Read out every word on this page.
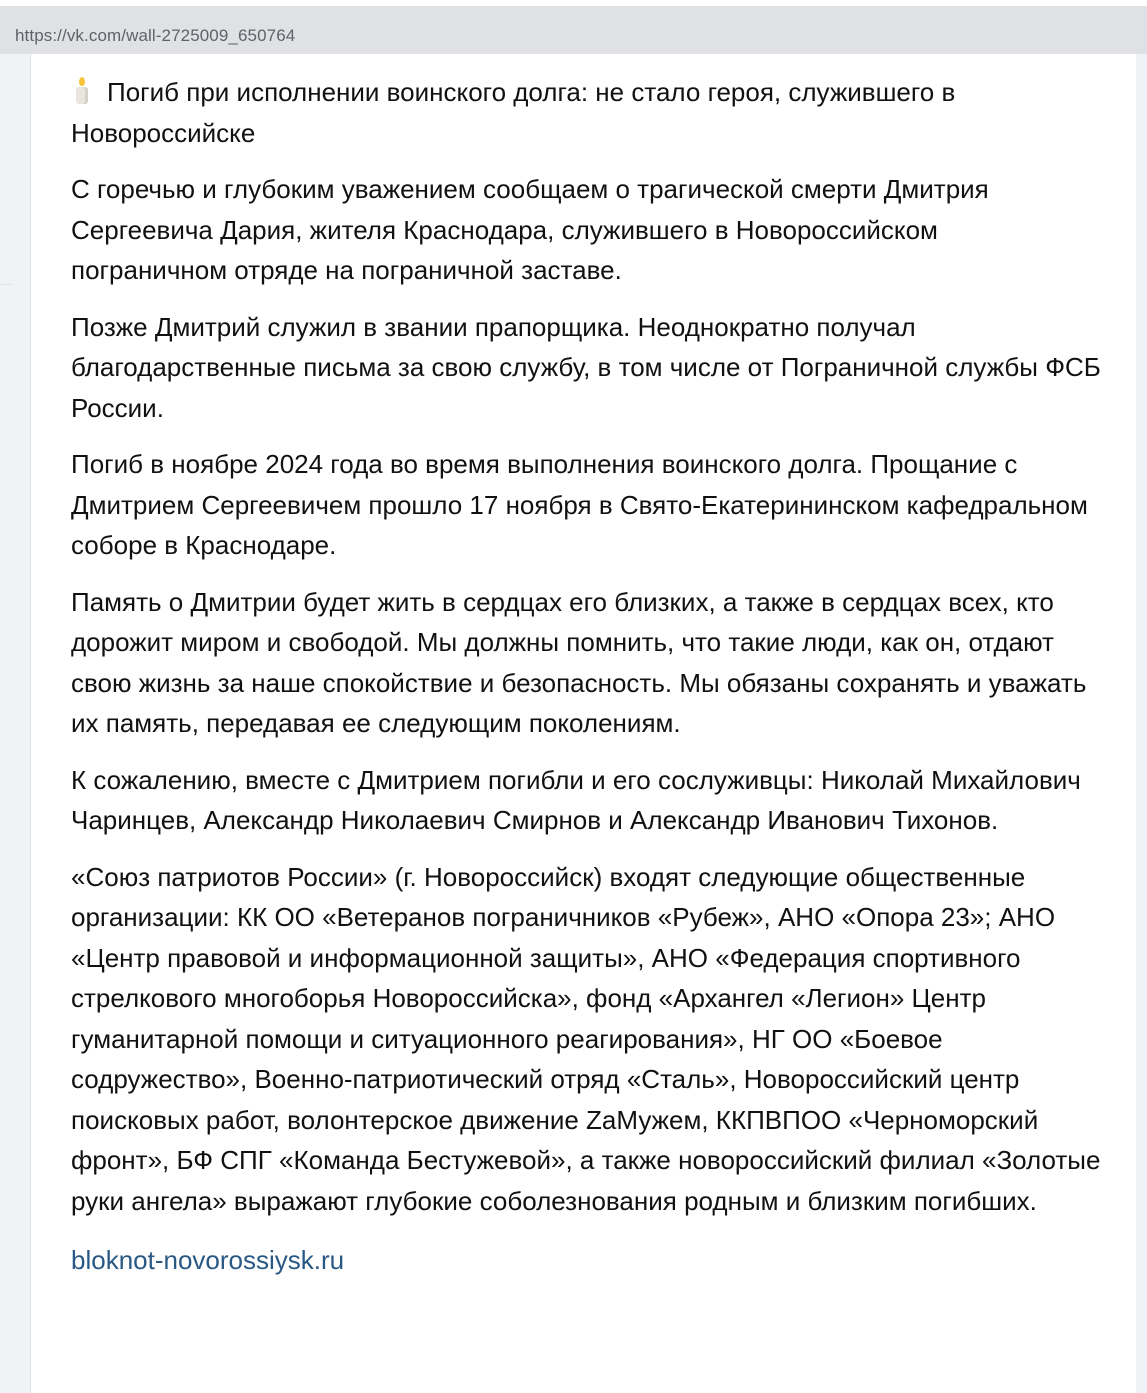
https://vk.com/wall-2725009_650764

Погиб при исполнении воинского долга: не стало героя, служившего в Новороссийске

С горечью и глубоким уважением сообщаем о трагической смерти Дмитрия Сергеевича Дария, жителя Краснодара, служившего в Новороссийском пограничном отряде на пограничной заставе.

Позже Дмитрий служил в звании прапорщика. Неоднократно получал благодарственные письма за свою службу, в том числе от Пограничной службы ФСБ России.

Погиб в ноябре 2024 года во время выполнения воинского долга. Прощание с Дмитрием Сергеевичем прошло 17 ноября в Свято-Екатерининском кафедральном соборе в Краснодаре.

Память о Дмитрии будет жить в сердцах его близких, а также в сердцах всех, кто дорожит миром и свободой. Мы должны помнить, что такие люди, как он, отдают свою жизнь за наше спокойствие и безопасность. Мы обязаны сохранять и уважать их память, передавая ее следующим поколениям.

К сожалению, вместе с Дмитрием погибли и его сослуживцы: Николай Михайлович Чаринцев, Александр Николаевич Смирнов и Александр Иванович Тихонов.

«Союз патриотов России» (г. Новороссийск) входят следующие общественные организации: КК ОО «Ветеранов пограничников «Рубеж», АНО «Опора 23»; АНО «Центр правовой и информационной защиты», АНО «Федерация спортивного стрелкового многоборья Новороссийска», фонд «Архангел «Легион» Центр гуманитарной помощи и ситуационного реагирования», НГ ОО «Боевое содружество», Военно-патриотический отряд «Сталь», Новороссийский центр поисковых работ, волонтерское движение ZaМужем, ККПВПОО «Черноморский фронт», БФ СПГ «Команда Бестужевой», а также новороссийский филиал «Золотые руки ангела» выражают глубокие соболезнования родным и близким погибших.

bloknot-novorossiysk.ru
